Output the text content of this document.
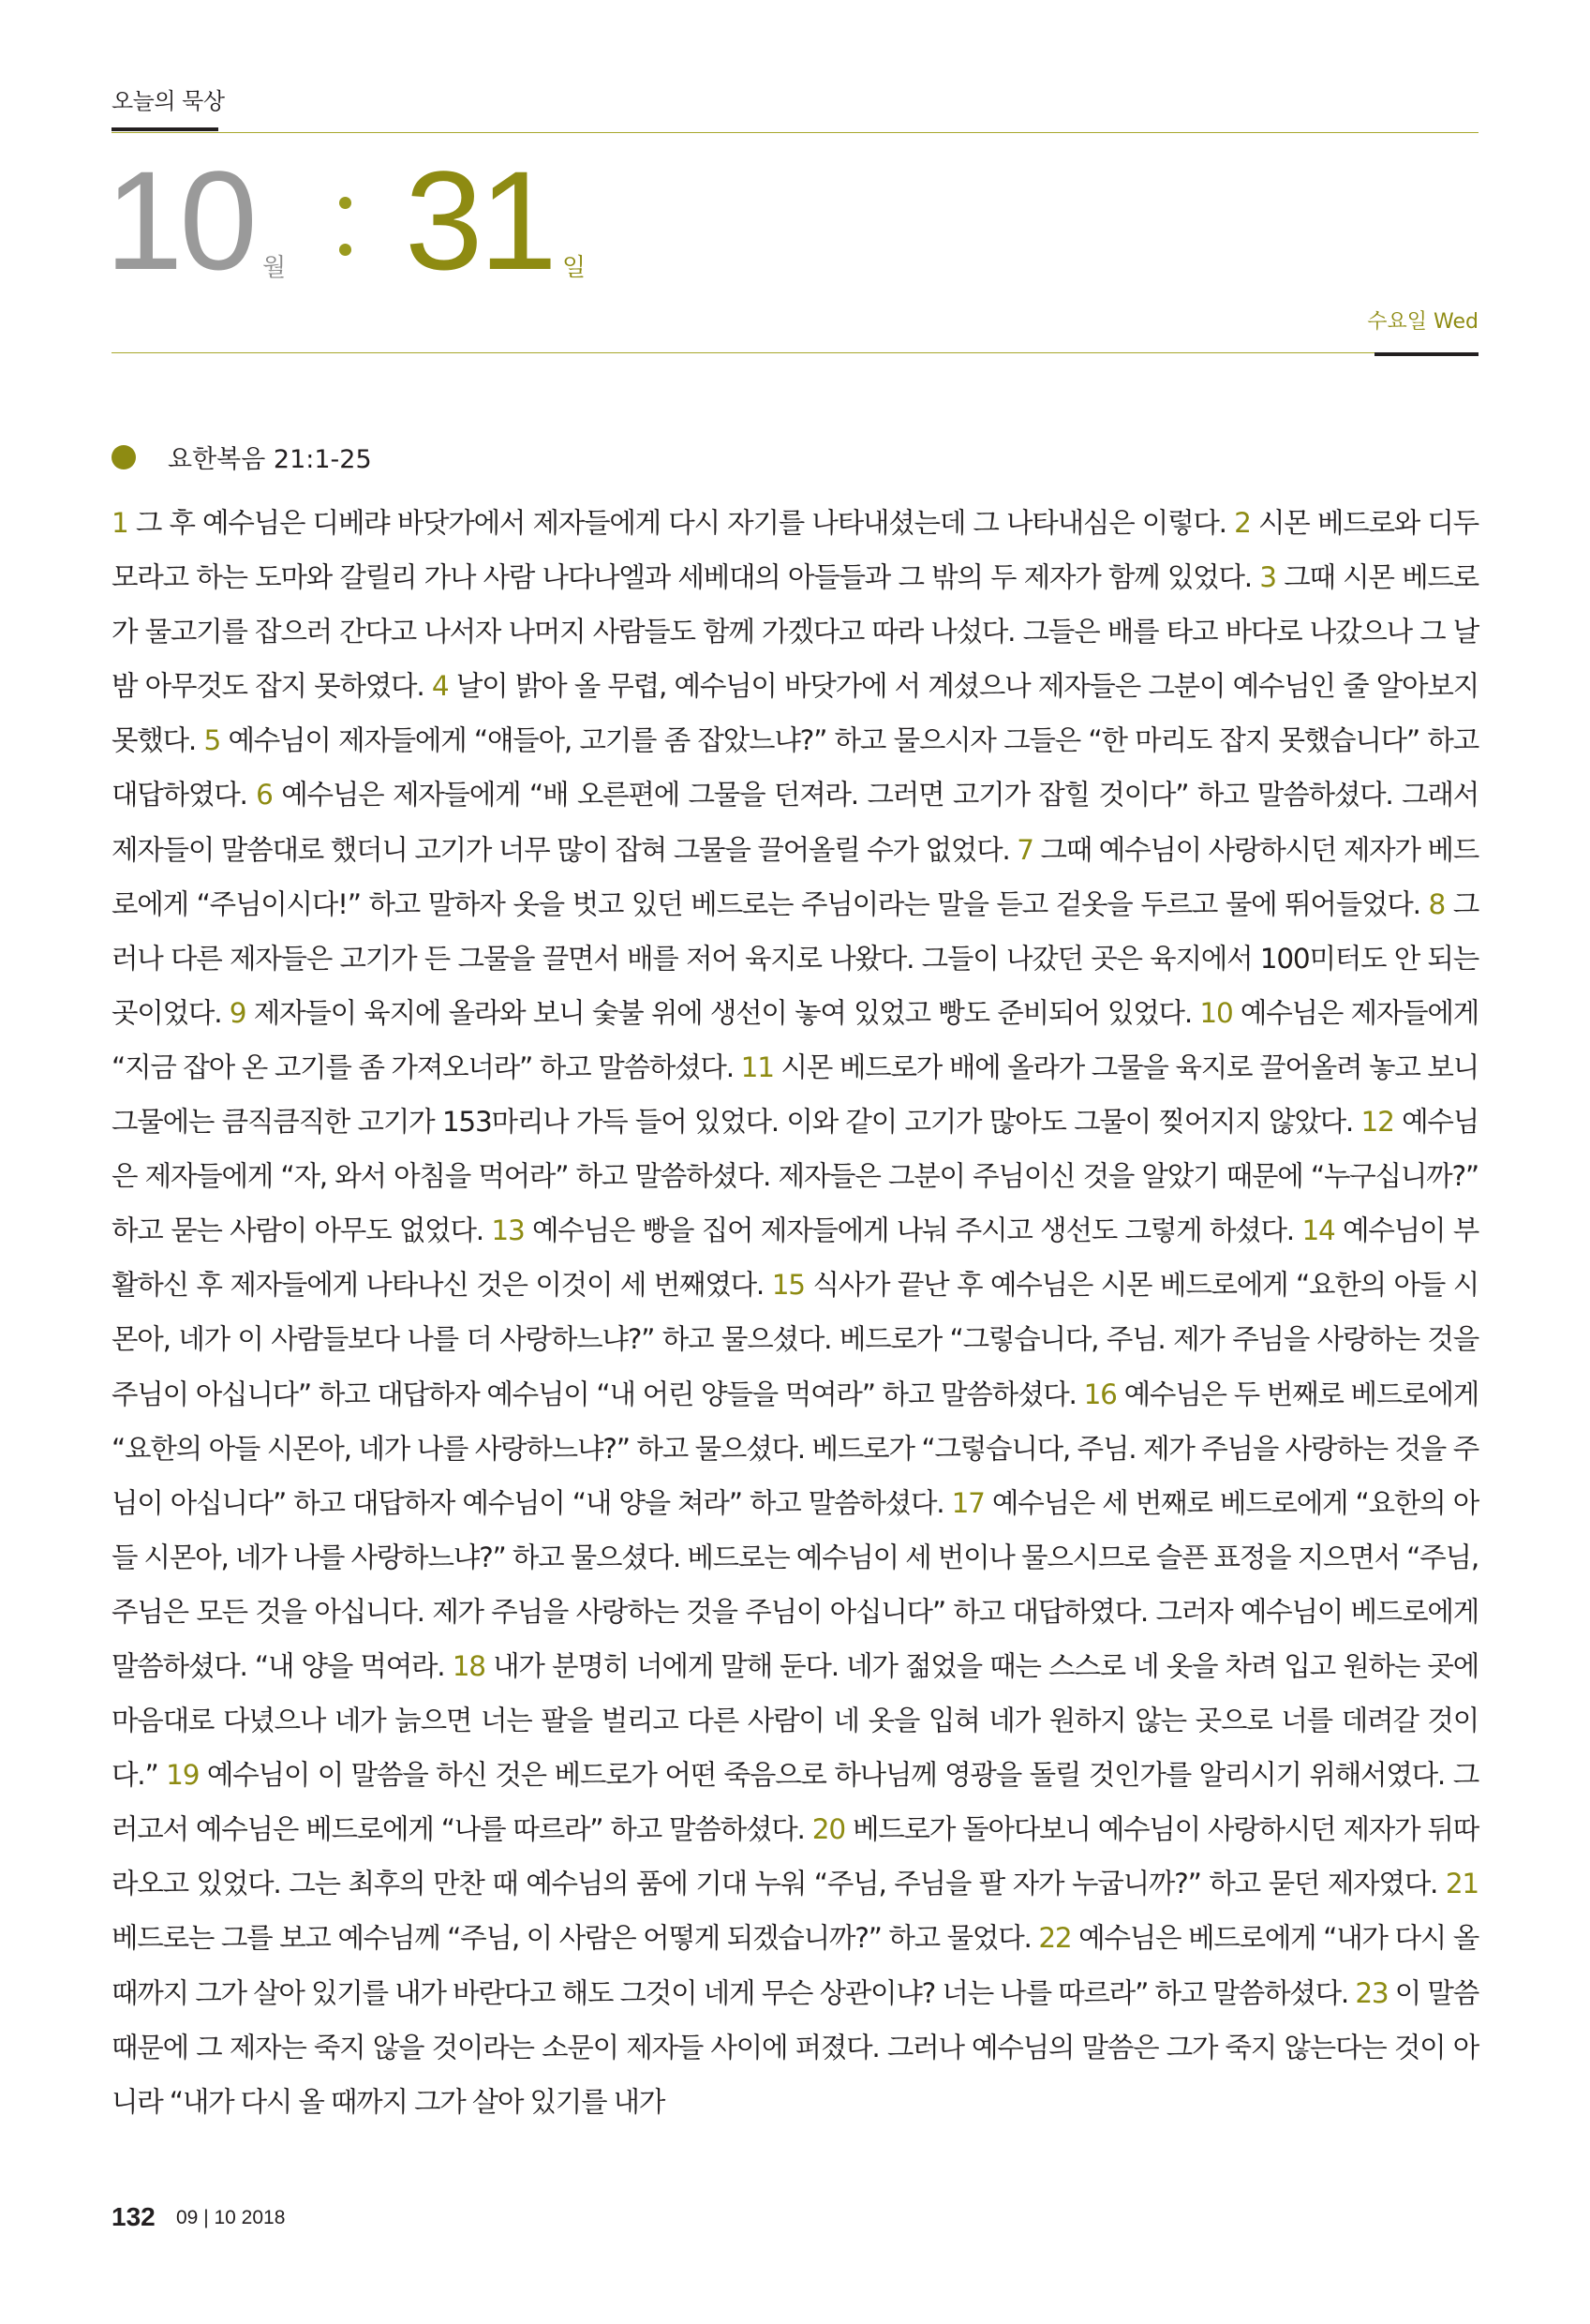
오늘의 묵상
10 월 31 일
수요일 Wed
요한복음 21:1-25
1 그 후 예수님은 디베랴 바닷가에서 제자들에게 다시 자기를 나타내셨는데 그 나타내심은 이렇다. 2 시몬 베드로와 디두모라고 하는 도마와 갈릴리 가나 사람 나다나엘과 세베대의 아들들과 그 밖의 두 제자가 함께 있었다. 3 그때 시몬 베드로가 물고기를 잡으러 간다고 나서자 나머지 사람들도 함께 가겠다고 따라 나섰다. 그들은 배를 타고 바다로 나갔으나 그 날 밤 아무것도 잡지 못하였다. 4 날이 밝아 올 무렵, 예수님이 바닷가에 서 계셨으나 제자들은 그분이 예수님인 줄 알아보지 못했다. 5 예수님이 제자들에게 “얘들아, 고기를 좀 잡았느냐?” 하고 물으시자 그들은 “한 마리도 잡지 못했습니다” 하고 대답하였다. 6 예수님은 제자들에게 “배 오른편에 그물을 던져라. 그러면 고기가 잡힐 것이다” 하고 말씀하셨다. 그래서 제자들이 말씀대로 했더니 고기가 너무 많이 잡혀 그물을 끌어올릴 수가 없었다. 7 그때 예수님이 사랑하시던 제자가 베드로에게 “주님이시다!” 하고 말하자 옷을 벗고 있던 베드로는 주님이라는 말을 듣고 겉옷을 두르고 물에 뛰어들었다. 8 그러나 다른 제자들은 고기가 든 그물을 끌면서 배를 저어 육지로 나왔다. 그들이 나갔던 곳은 육지에서 100미터도 안 되는 곳이었다. 9 제자들이 육지에 올라와 보니 숯불 위에 생선이 놓여 있었고 빵도 준비되어 있었다. 10 예수님은 제자들에게 “지금 잡아 온 고기를 좀 가져오너라” 하고 말씀하셨다. 11 시몬 베드로가 배에 올라가 그물을 육지로 끌어올려 놓고 보니 그물에는 큼직큼직한 고기가 153마리나 가득 들어 있었다. 이와 같이 고기가 많아도 그물이 찢어지지 않았다. 12 예수님은 제자들에게 “자, 와서 아침을 먹어라” 하고 말씀하셨다. 제자들은 그분이 주님이신 것을 알았기 때문에 “누구십니까?” 하고 묻는 사람이 아무도 없었다. 13 예수님은 빵을 집어 제자들에게 나눠 주시고 생선도 그렇게 하셨다. 14 예수님이 부활하신 후 제자들에게 나타나신 것은 이것이 세 번째였다. 15 식사가 끝난 후 예수님은 시몬 베드로에게 “요한의 아들 시몬아, 네가 이 사람들보다 나를 더 사랑하느냐?” 하고 물으셨다. 베드로가 “그렇습니다, 주님. 제가 주님을 사랑하는 것을 주님이 아십니다” 하고 대답하자 예수님이 “내 어린 양들을 먹여라” 하고 말씀하셨다. 16 예수님은 두 번째로 베드로에게 “요한의 아들 시몬아, 네가 나를 사랑하느냐?” 하고 물으셨다. 베드로가 “그렇습니다, 주님. 제가 주님을 사랑하는 것을 주님이 아십니다” 하고 대답하자 예수님이 “내 양을 쳐라” 하고 말씀하셨다. 17 예수님은 세 번째로 베드로에게 “요한의 아들 시몬아, 네가 나를 사랑하느냐?” 하고 물으셨다. 베드로는 예수님이 세 번이나 물으시므로 슬픈 표정을 지으면서 “주님, 주님은 모든 것을 아십니다. 제가 주님을 사랑하는 것을 주님이 아십니다” 하고 대답하였다. 그러자 예수님이 베드로에게 말씀하셨다. “내 양을 먹여라. 18 내가 분명히 너에게 말해 둔다. 네가 젊었을 때는 스스로 네 옷을 차려 입고 원하는 곳에 마음대로 다녔으나 네가 늙으면 너는 팔을 벌리고 다른 사람이 네 옷을 입혀 네가 원하지 않는 곳으로 너를 데려갈 것이다.” 19 예수님이 이 말씀을 하신 것은 베드로가 어떤 죽음으로 하나님께 영광을 돌릴 것인가를 알리시기 위해서였다. 그러고서 예수님은 베드로에게 “나를 따르라” 하고 말씀하셨다. 20 베드로가 돌아다보니 예수님이 사랑하시던 제자가 뒤따라오고 있었다. 그는 최후의 만찬 때 예수님의 품에 기대 누워 “주님, 주님을 팔 자가 누굽니까?” 하고 묻던 제자였다. 21 베드로는 그를 보고 예수님께 “주님, 이 사람은 어떻게 되겠습니까?” 하고 물었다. 22 예수님은 베드로에게 “내가 다시 올 때까지 그가 살아 있기를 내가 바란다고 해도 그것이 네게 무슨 상관이냐? 너는 나를 따르라” 하고 말씀하셨다. 23 이 말씀 때문에 그 제자는 죽지 않을 것이라는 소문이 제자들 사이에 퍼졌다. 그러나 예수님의 말씀은 그가 죽지 않는다는 것이 아니라 “내가 다시 올 때까지 그가 살아 있기를 내가
132 09 | 10 2018
